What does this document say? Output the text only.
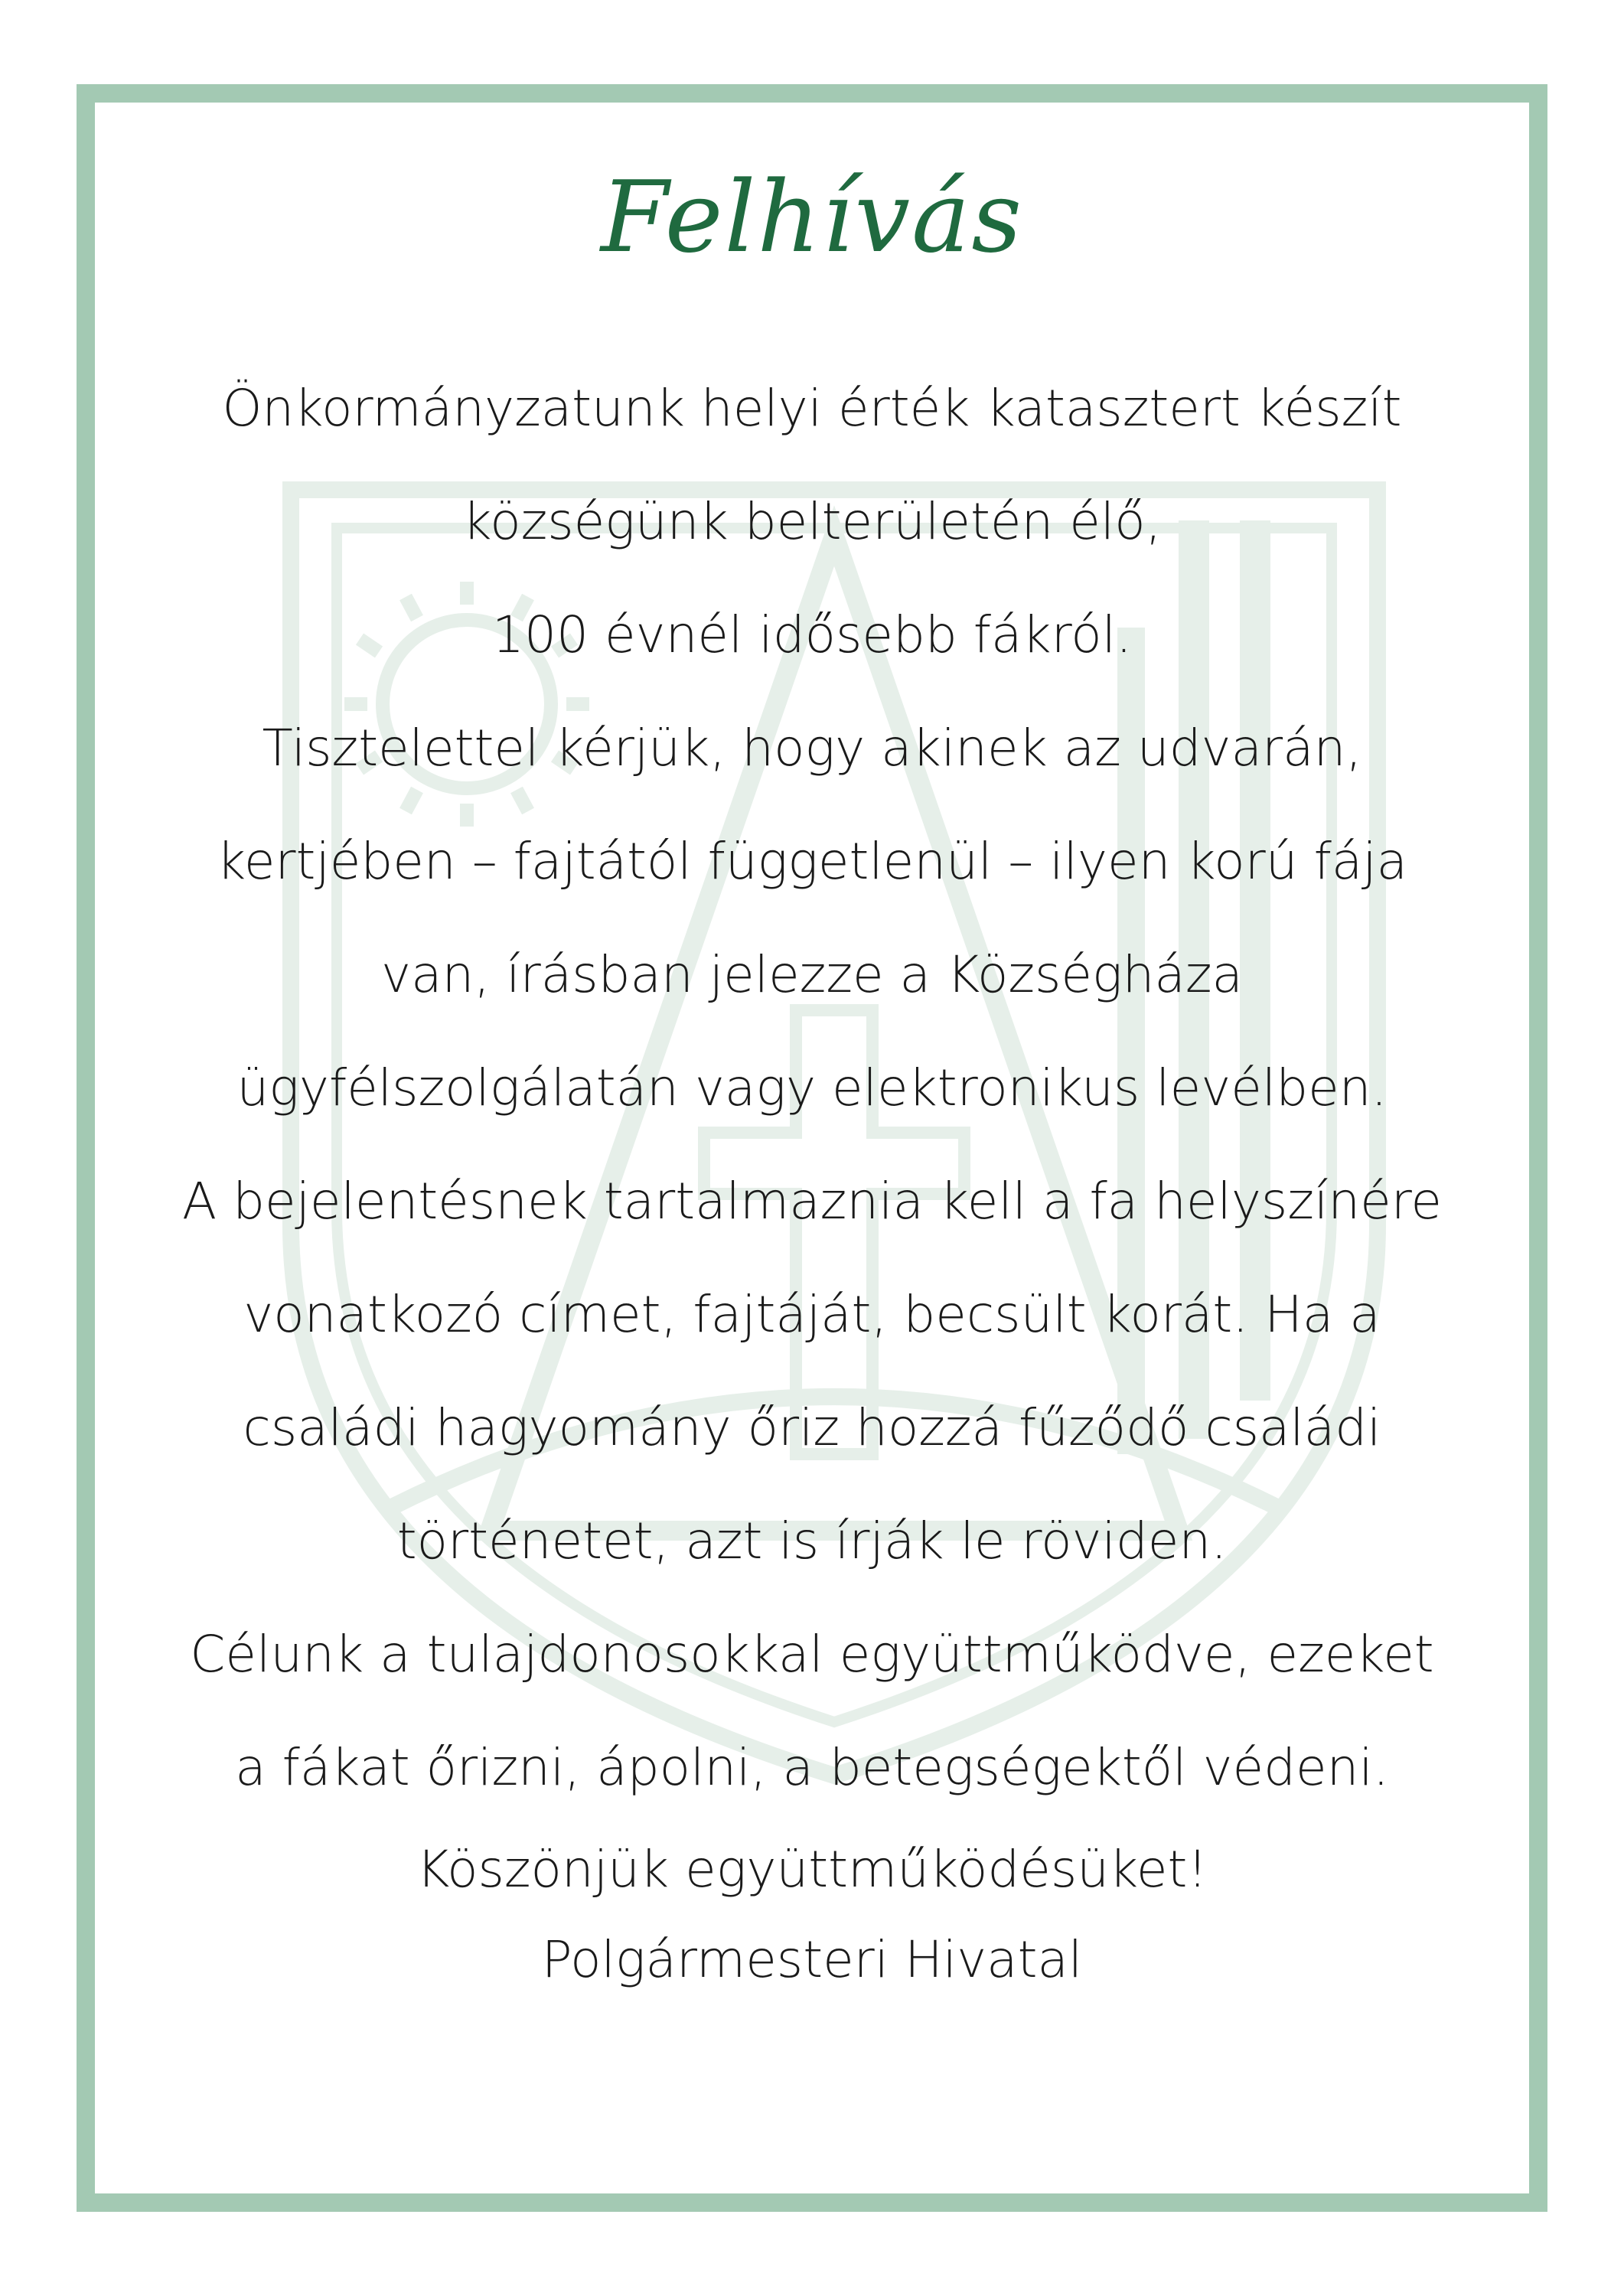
Felhívás
Önkormányzatunk helyi érték katasztert készít
községünk belterületén élő,
100 évnél idősebb fákról.
Tisztelettel kérjük, hogy akinek az udvarán,
kertjében – fajtától függetlenül – ilyen korú fája
van, írásban jelezze a Községháza
ügyfélszolgálatán vagy elektronikus levélben.
A bejelentésnek tartalmaznia kell a fa helyszínére
vonatkozó címet, fajtáját, becsült korát. Ha a
családi hagyomány őriz hozzá fűződő családi
történetet, azt is írják le röviden.
Célunk a tulajdonosokkal együttműködve, ezeket
a fákat őrizni, ápolni, a betegségektől védeni.
Köszönjük együttműködésüket!
Polgármesteri Hivatal
